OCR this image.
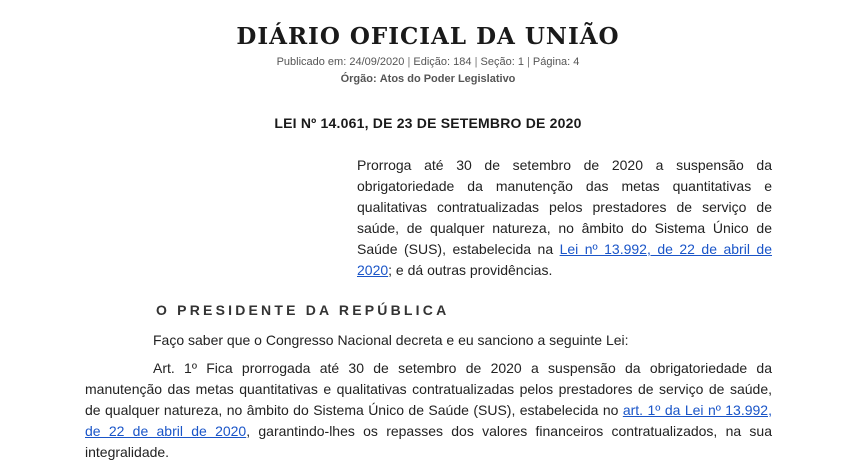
DIÁRIO OFICIAL DA UNIÃO
Publicado em: 24/09/2020 | Edição: 184 | Seção: 1 | Página: 4
Órgão: Atos do Poder Legislativo
LEI Nº 14.061, DE 23 DE SETEMBRO DE 2020
Prorroga até 30 de setembro de 2020 a suspensão da obrigatoriedade da manutenção das metas quantitativas e qualitativas contratualizadas pelos prestadores de serviço de saúde, de qualquer natureza, no âmbito do Sistema Único de Saúde (SUS), estabelecida na Lei nº 13.992, de 22 de abril de 2020; e dá outras providências.
O PRESIDENTE DA REPÚBLICA

Faço saber que o Congresso Nacional decreta e eu sanciono a seguinte Lei:

Art. 1º Fica prorrogada até 30 de setembro de 2020 a suspensão da obrigatoriedade da manutenção das metas quantitativas e qualitativas contratualizadas pelos prestadores de serviço de saúde, de qualquer natureza, no âmbito do Sistema Único de Saúde (SUS), estabelecida no art. 1º da Lei nº 13.992, de 22 de abril de 2020, garantindo-lhes os repasses dos valores financeiros contratualizados, na sua integralidade.
